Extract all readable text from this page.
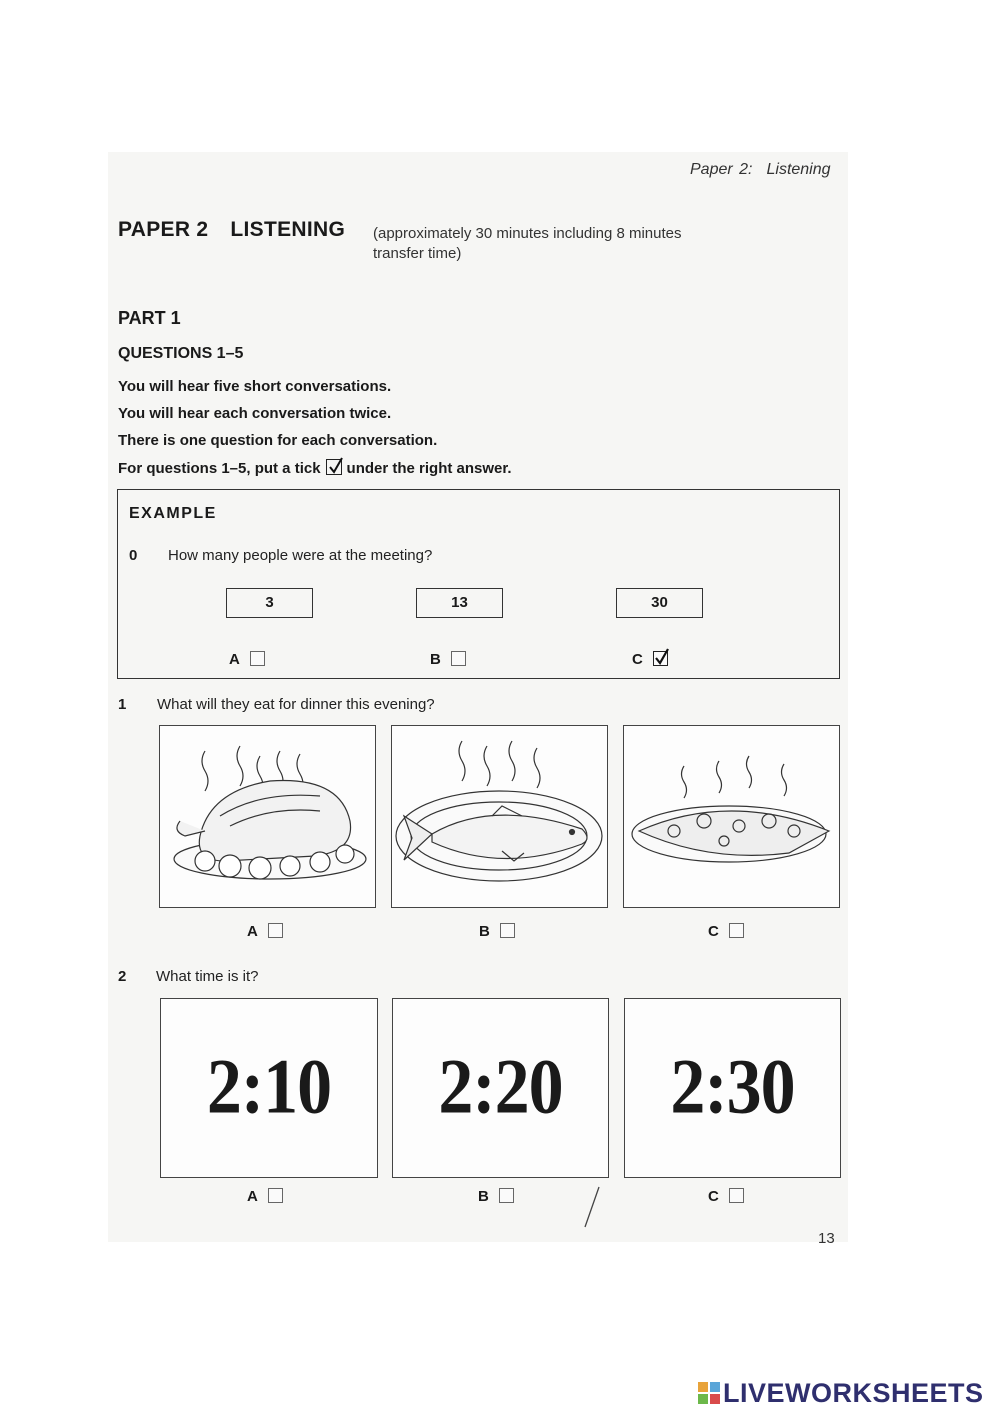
Paper 2: Listening
PAPER 2 LISTENING (approximately 30 minutes including 8 minutes
transfer time)
PART 1
QUESTIONS 1–5
You will hear five short conversations.
You will hear each conversation twice.
There is one question for each conversation.
For questions 1–5, put a tick under the right answer.
EXAMPLE
0 How many people were at the meeting?
3	13	30
A	B	C
1 What will they eat for dinner this evening?
A	B	C
2 What time is it?
2:10 2:20 2:30
A	B	C
13
LIVEWORKSHEETS
